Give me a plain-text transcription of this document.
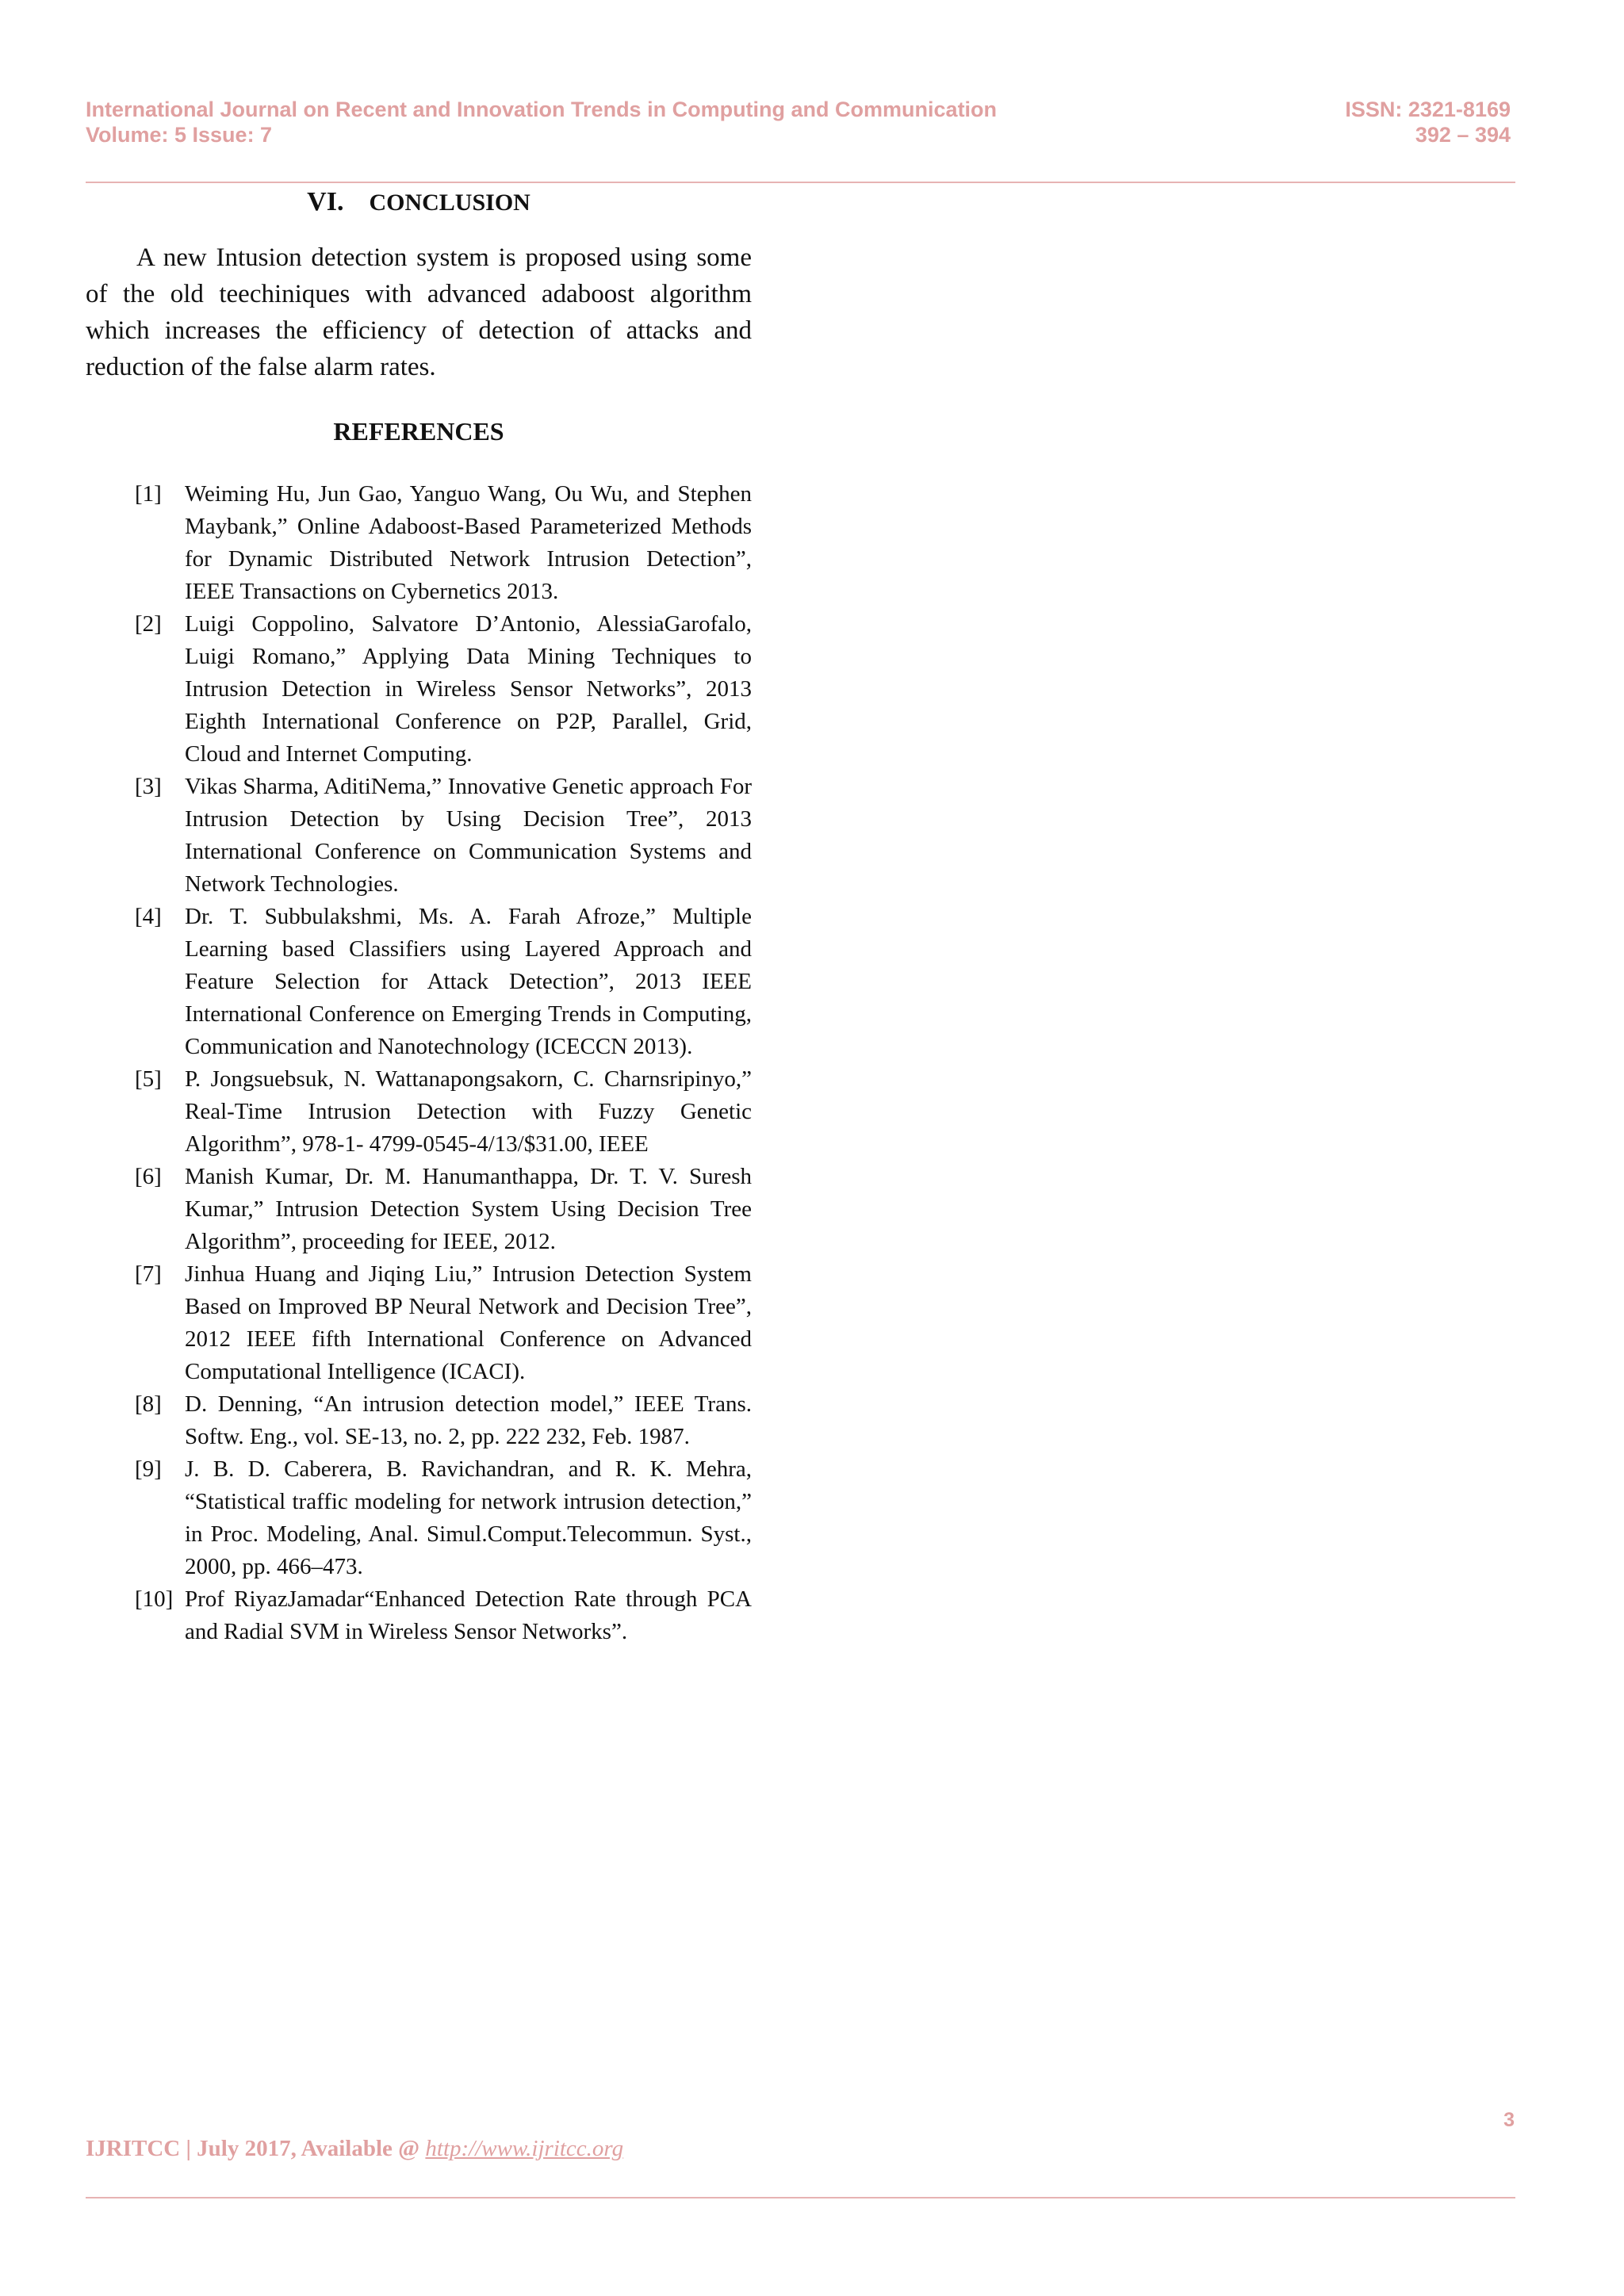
International Journal on Recent and Innovation Trends in Computing and Communication
Volume: 5 Issue: 7
ISSN: 2321-8169
392 – 394
VI. CONCLUSION

A new Intusion detection system is proposed using some of the old teechiniques with advanced adaboost algorithm which increases the efficiency of detection of attacks and reduction of the false alarm rates.

REFERENCES
[1] Weiming Hu, Jun Gao, Yanguo Wang, Ou Wu, and Stephen Maybank,” Online Adaboost-Based Parameterized Methods for Dynamic Distributed Network Intrusion Detection”, IEEE Transactions on Cybernetics 2013.
[2] Luigi Coppolino, Salvatore D’Antonio, AlessiaGarofalo, Luigi Romano,” Applying Data Mining Techniques to Intrusion Detection in Wireless Sensor Networks”, 2013 Eighth International Conference on P2P, Parallel, Grid, Cloud and Internet Computing.
[3] Vikas Sharma, AditiNema,” Innovative Genetic approach For Intrusion Detection by Using Decision Tree”, 2013 International Conference on Communication Systems and Network Technologies.
[4] Dr. T. Subbulakshmi, Ms. A. Farah Afroze,” Multiple Learning based Classifiers using Layered Approach and Feature Selection for Attack Detection”, 2013 IEEE International Conference on Emerging Trends in Computing, Communication and Nanotechnology (ICECCN 2013).
[5] P. Jongsuebsuk, N. Wattanapongsakorn, C. Charnsripinyo,” Real-Time Intrusion Detection with Fuzzy Genetic Algorithm”, 978-1- 4799-0545-4/13/$31.00, IEEE
[6] Manish Kumar, Dr. M. Hanumanthappa, Dr. T. V. Suresh Kumar,” Intrusion Detection System Using Decision Tree Algorithm”, proceeding for IEEE, 2012.
[7] Jinhua Huang and Jiqing Liu,” Intrusion Detection System Based on Improved BP Neural Network and Decision Tree”, 2012 IEEE fifth International Conference on Advanced Computational Intelligence (ICACI).
[8] D. Denning, “An intrusion detection model,” IEEE Trans. Softw. Eng., vol. SE-13, no. 2, pp. 222 232, Feb. 1987.
[9] J. B. D. Caberera, B. Ravichandran, and R. K. Mehra, “Statistical traffic modeling for network intrusion detection,” in Proc. Modeling, Anal. Simul.Comput.Telecommun. Syst., 2000, pp. 466–473.
[10] Prof RiyazJamadar“Enhanced Detection Rate through PCA and Radial SVM in Wireless Sensor Networks”.
3
IJRITCC | July 2017, Available @ http://www.ijritcc.org
